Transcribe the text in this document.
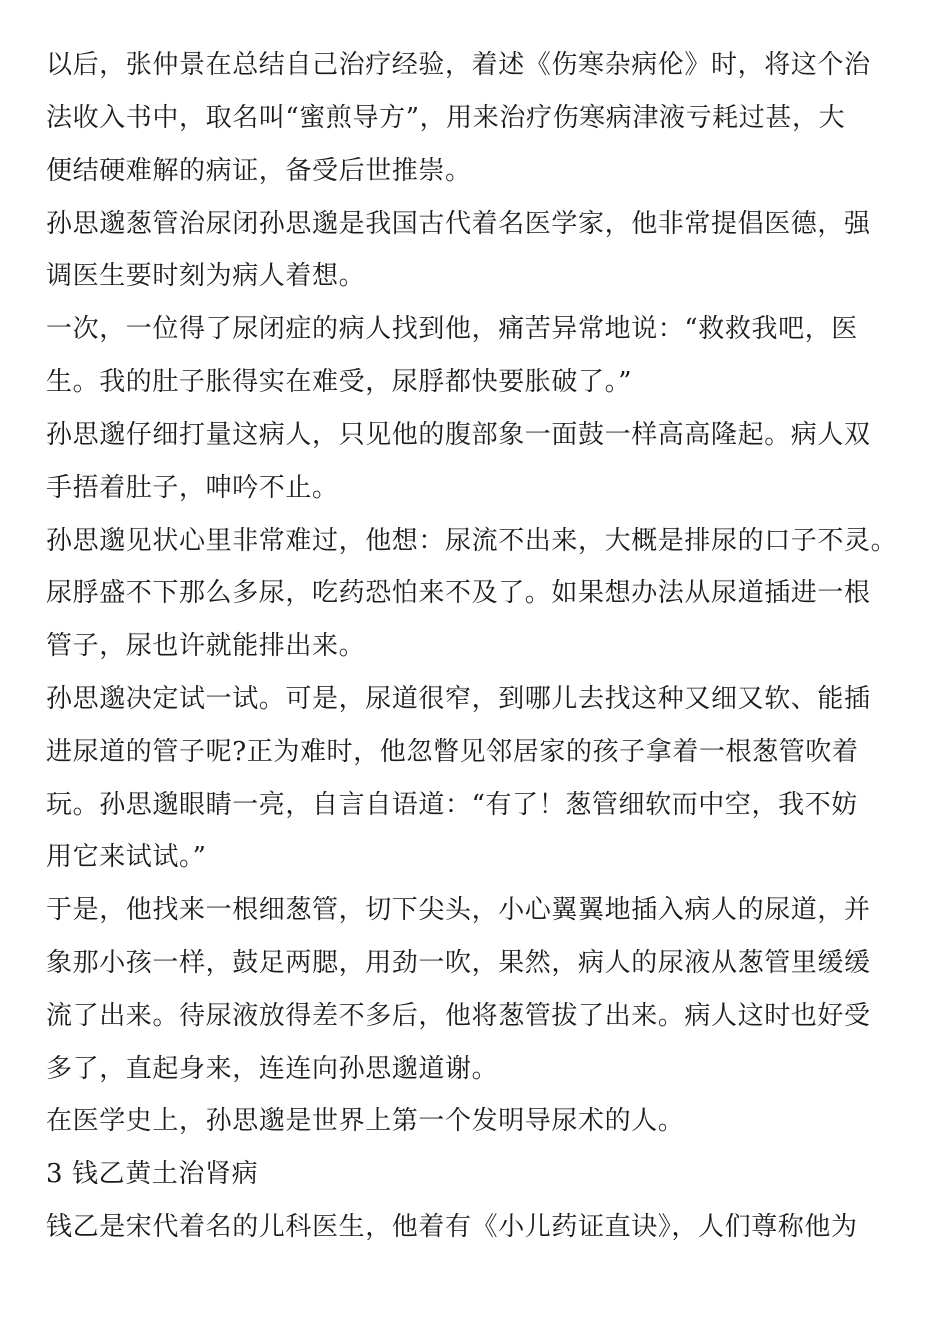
以后，张仲景在总结自己治疗经验，着述《伤寒杂病伦》时，将这个治
法收入书中，取名叫“蜜煎导方”，用来治疗伤寒病津液亏耗过甚，大
便结硬难解的病证，备受后世推崇。
孙思邈葱管治尿闭孙思邈是我国古代着名医学家，他非常提倡医德，强
调医生要时刻为病人着想。
一次，一位得了尿闭症的病人找到他，痛苦异常地说：“救救我吧，医
生。我的肚子胀得实在难受，尿脬都快要胀破了。”
孙思邈仔细打量这病人，只见他的腹部象一面鼓一样高高隆起。病人双
手捂着肚子，呻吟不止。
孙思邈见状心里非常难过，他想：尿流不出来，大概是排尿的口子不灵。
尿脬盛不下那么多尿，吃药恐怕来不及了。如果想办法从尿道插进一根
管子，尿也许就能排出来。
孙思邈决定试一试。可是，尿道很窄，到哪儿去找这种又细又软、能插
进尿道的管子呢?正为难时，他忽瞥见邻居家的孩子拿着一根葱管吹着
玩。孙思邈眼睛一亮，自言自语道：“有了！葱管细软而中空，我不妨
用它来试试。”
于是，他找来一根细葱管，切下尖头，小心翼翼地插入病人的尿道，并
象那小孩一样，鼓足两腮，用劲一吹，果然，病人的尿液从葱管里缓缓
流了出来。待尿液放得差不多后，他将葱管拔了出来。病人这时也好受
多了，直起身来，连连向孙思邈道谢。
在医学史上，孙思邈是世界上第一个发明导尿术的人。
3 钱乙黄土治肾病
钱乙是宋代着名的儿科医生，他着有《小儿药证直诀》，人们尊称他为
